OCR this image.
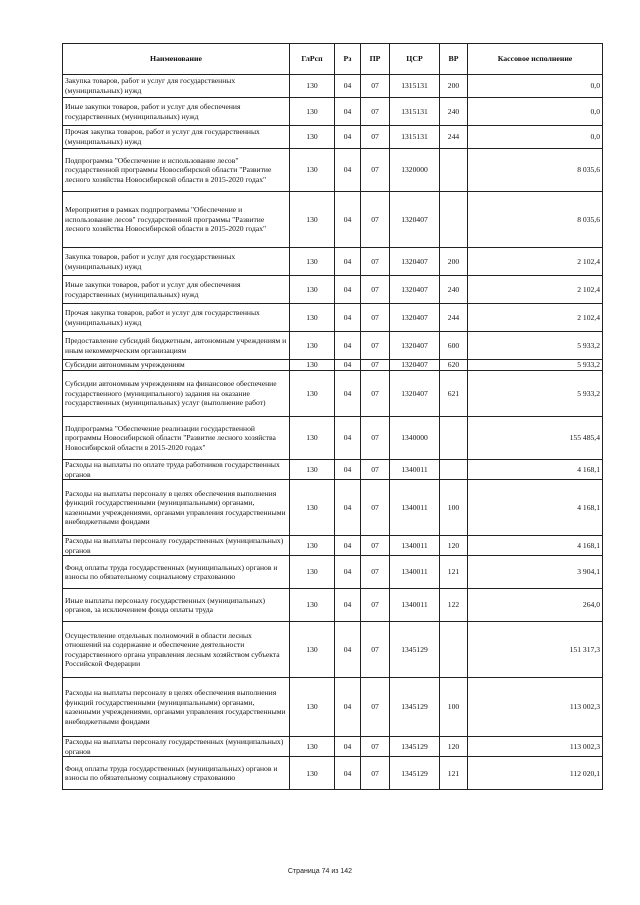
Наименование	ГлРсп	Рз	ПР	ЦСР	ВР	Кассовое исполнение
Закупка товаров, работ и услуг для государственных (муниципальных) нужд	130	04	07	1315131	200	0,0
Иные закупки товаров, работ и услуг для обеспечения государственных (муниципальных) нужд	130	04	07	1315131	240	0,0
Прочая закупка товаров, работ и услуг для государственных (муниципальных) нужд	130	04	07	1315131	244	0,0
Подпрограмма "Обеспечение и использование лесов" государственной программы Новосибирской области "Развитие лесного хозяйства Новосибирской области в 2015-2020 годах"	130	04	07	1320000		8 035,6
Мероприятия в рамках подпрограммы "Обеспечение и использование лесов" государственной программы "Развитие лесного хозяйства Новосибирской области в 2015-2020 годах"	130	04	07	1320407		8 035,6
Закупка товаров, работ и услуг для государственных (муниципальных) нужд	130	04	07	1320407	200	2 102,4
Иные закупки товаров, работ и услуг для обеспечения государственных (муниципальных) нужд	130	04	07	1320407	240	2 102,4
Прочая закупка товаров, работ и услуг для государственных (муниципальных) нужд	130	04	07	1320407	244	2 102,4
Предоставление субсидий бюджетным, автономным учреждениям и иным некоммерческим организациям	130	04	07	1320407	600	5 933,2
Субсидии автономным учреждениям	130	04	07	1320407	620	5 933,2
Субсидии автономным учреждениям на финансовое обеспечение государственного (муниципального) задания на оказание государственных (муниципальных) услуг (выполнение работ)	130	04	07	1320407	621	5 933,2
Подпрограмма "Обеспечение реализации государственной программы Новосибирской области "Развитие лесного хозяйства Новосибирской области в 2015-2020 годах"	130	04	07	1340000		155 485,4
Расходы на выплаты по оплате труда работников государственных органов	130	04	07	1340011		4 168,1
Расходы на выплаты персоналу в целях обеспечения выполнения функций государственными (муниципальными) органами, казенными учреждениями, органами управления государственными внебюджетными фондами	130	04	07	1340011	100	4 168,1
Расходы на выплаты персоналу государственных (муниципальных) органов	130	04	07	1340011	120	4 168,1
Фонд оплаты труда государственных (муниципальных) органов и взносы по обязательному социальному страхованию	130	04	07	1340011	121	3 904,1
Иные выплаты персоналу государственных (муниципальных) органов, за исключением фонда оплаты труда	130	04	07	1340011	122	264,0
Осуществление отдельных полномочий в области лесных отношений на содержание и обеспечение деятельности государственного органа управления лесным хозяйством субъекта Российской Федерации	130	04	07	1345129		151 317,3
Расходы на выплаты персоналу в целях обеспечения выполнения функций государственными (муниципальными) органами, казенными учреждениями, органами управления государственными внебюджетными фондами	130	04	07	1345129	100	113 002,3
Расходы на выплаты персоналу государственных (муниципальных) органов	130	04	07	1345129	120	113 002,3
Фонд оплаты труда государственных (муниципальных) органов и взносы по обязательному социальному страхованию	130	04	07	1345129	121	112 020,1
Страница 74 из 142
